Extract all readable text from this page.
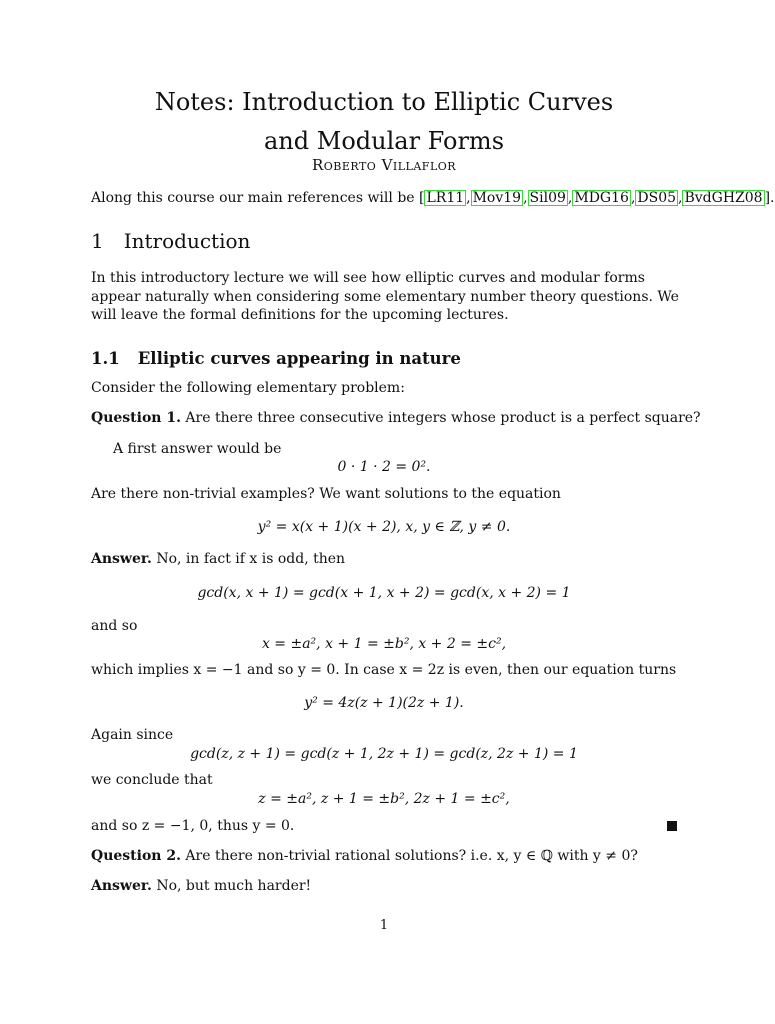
Notes: Introduction to Elliptic Curves
and Modular Forms
Roberto Villaflor
Along this course our main references will be [ LR11 , Mov19 , Sil09 , MDG16 , DS05 , BvdGHZ08 ].
1 Introduction
In this introductory lecture we will see how elliptic curves and modular forms appear naturally when considering some elementary number theory questions. We will leave the formal definitions for the upcoming lectures.
1.1 Elliptic curves appearing in nature
Consider the following elementary problem:
Question 1. Are there three consecutive integers whose product is a perfect square?
A first answer would be
0 · 1 · 2 = 0².
Are there non-trivial examples? We want solutions to the equation
y² = x(x + 1)(x + 2), x, y ∈ ℤ, y ≠ 0.
Answer. No, in fact if x is odd, then
gcd(x, x + 1) = gcd(x + 1, x + 2) = gcd(x, x + 2) = 1
and so
x = ±a², x + 1 = ±b², x + 2 = ±c²,
which implies x = −1 and so y = 0. In case x = 2z is even, then our equation turns
y² = 4z(z + 1)(2z + 1).
Again since
gcd(z, z + 1) = gcd(z + 1, 2z + 1) = gcd(z, 2z + 1) = 1
we conclude that
z = ±a², z + 1 = ±b², 2z + 1 = ±c²,
and so z = −1, 0, thus y = 0.
Question 2. Are there non-trivial rational solutions? i.e. x, y ∈ ℚ with y ≠ 0?
Answer. No, but much harder!
1
